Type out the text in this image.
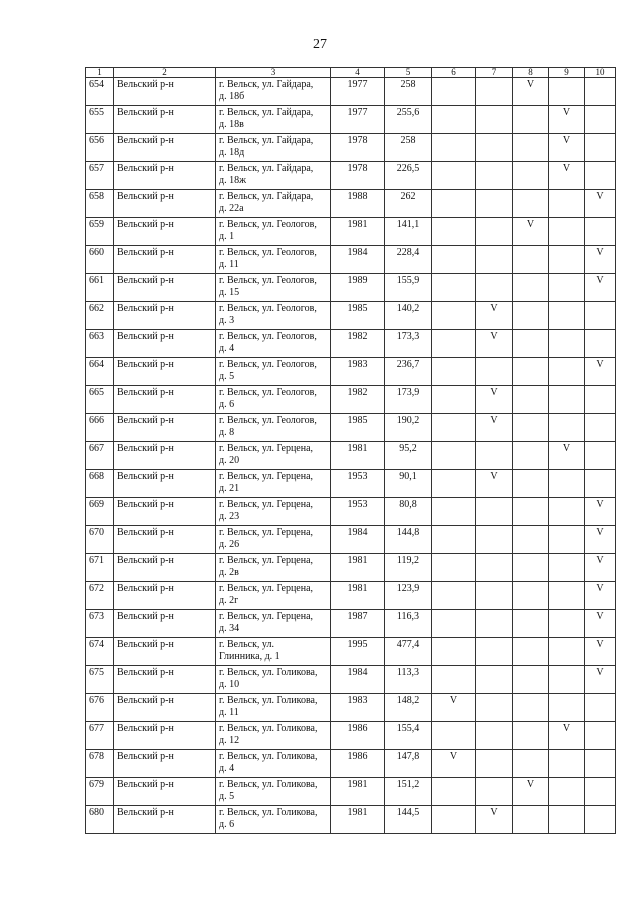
27
1	2	3	4	5	6	7	8	9	10
654	Вельский р-н	г. Вельск, ул. Гайдара,
д. 18б	1977	258			V		
655	Вельский р-н	г. Вельск, ул. Гайдара,
д. 18в	1977	255,6				V	
656	Вельский р-н	г. Вельск, ул. Гайдара,
д. 18д	1978	258				V	
657	Вельский р-н	г. Вельск, ул. Гайдара,
д. 18ж	1978	226,5				V	
658	Вельский р-н	г. Вельск, ул. Гайдара,
д. 22а	1988	262					V
659	Вельский р-н	г. Вельск, ул. Геологов,
д. 1	1981	141,1			V		
660	Вельский р-н	г. Вельск, ул. Геологов,
д. 11	1984	228,4					V
661	Вельский р-н	г. Вельск, ул. Геологов,
д. 15	1989	155,9					V
662	Вельский р-н	г. Вельск, ул. Геологов,
д. 3	1985	140,2		V			
663	Вельский р-н	г. Вельск, ул. Геологов,
д. 4	1982	173,3		V			
664	Вельский р-н	г. Вельск, ул. Геологов,
д. 5	1983	236,7					V
665	Вельский р-н	г. Вельск, ул. Геологов,
д. 6	1982	173,9		V			
666	Вельский р-н	г. Вельск, ул. Геологов,
д. 8	1985	190,2		V			
667	Вельский р-н	г. Вельск, ул. Герцена,
д. 20	1981	95,2				V	
668	Вельский р-н	г. Вельск, ул. Герцена,
д. 21	1953	90,1		V			
669	Вельский р-н	г. Вельск, ул. Герцена,
д. 23	1953	80,8					V
670	Вельский р-н	г. Вельск, ул. Герцена,
д. 26	1984	144,8					V
671	Вельский р-н	г. Вельск, ул. Герцена,
д. 2в	1981	119,2					V
672	Вельский р-н	г. Вельск, ул. Герцена,
д. 2г	1981	123,9					V
673	Вельский р-н	г. Вельск, ул. Герцена,
д. 34	1987	116,3					V
674	Вельский р-н	г. Вельск, ул.
Глинника, д. 1	1995	477,4					V
675	Вельский р-н	г. Вельск, ул. Голикова,
д. 10	1984	113,3					V
676	Вельский р-н	г. Вельск, ул. Голикова,
д. 11	1983	148,2	V				
677	Вельский р-н	г. Вельск, ул. Голикова,
д. 12	1986	155,4				V	
678	Вельский р-н	г. Вельск, ул. Голикова,
д. 4	1986	147,8	V				
679	Вельский р-н	г. Вельск, ул. Голикова,
д. 5	1981	151,2			V		
680	Вельский р-н	г. Вельск, ул. Голикова,
д. 6	1981	144,5		V			
